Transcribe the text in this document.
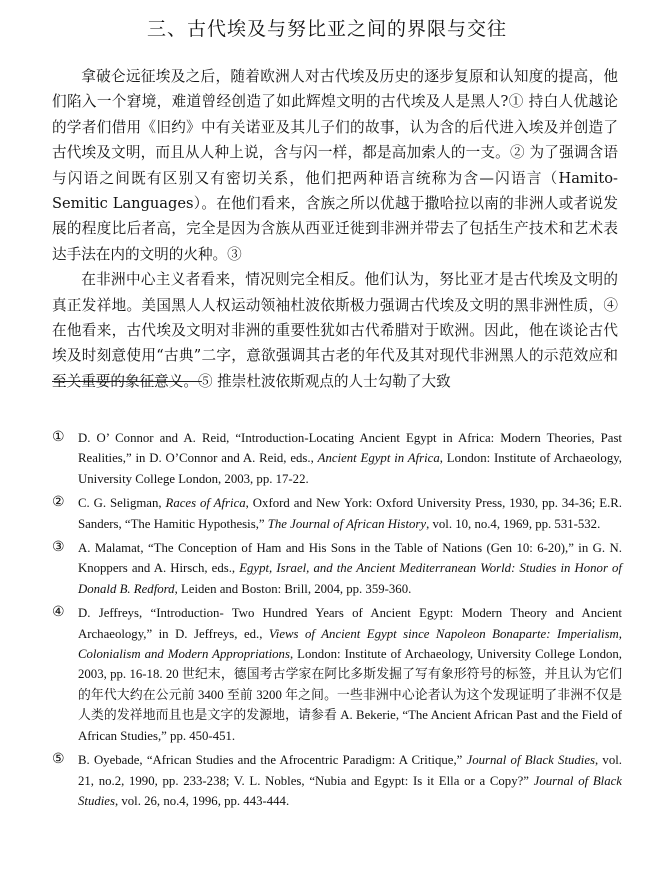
三、古代埃及与努比亚之间的界限与交往

拿破仑远征埃及之后，随着欧洲人对古代埃及历史的逐步复原和认知度的提高，他们陷入一个窘境，难道曾经创造了如此辉煌文明的古代埃及人是黑人?① 持白人优越论的学者们借用《旧约》中有关诺亚及其儿子们的故事，认为含的后代进入埃及并创造了古代埃及文明，而且从人种上说，含与闪一样，都是高加索人的一支。② 为了强调含语与闪语之间既有区别又有密切关系，他们把两种语言统称为含—闪语言（Hamito-Semitic Languages）。在他们看来，含族之所以优越于撒哈拉以南的非洲人或者说发展的程度比后者高，完全是因为含族从西亚迁徙到非洲并带去了包括生产技术和艺术表达手法在内的文明的火种。③

在非洲中心主义者看来，情况则完全相反。他们认为，努比亚才是古代埃及文明的真正发祥地。美国黑人人权运动领袖杜波依斯极力强调古代埃及文明的黑非洲性质，④ 在他看来，古代埃及文明对非洲的重要性犹如古代希腊对于欧洲。因此，他在谈论古代埃及时刻意使用“古典”二字，意欲强调其古老的年代及其对现代非洲黑人的示范效应和至关重要的象征意义。⑤ 推崇杜波依斯观点的人士勾勒了大致

①	D. O’ Connor and A. Reid, “Introduction-Locating Ancient Egypt in Africa: Modern Theories, Past Realities,” in D. O’Connor and A. Reid, eds., Ancient Egypt in Africa, London: Institute of Archaeology, University College London, 2003, pp. 17-22.
②	C. G. Seligman, Races of Africa, Oxford and New York: Oxford University Press, 1930, pp. 34-36; E.R. Sanders, “The Hamitic Hypothesis,” The Journal of African History, vol. 10, no.4, 1969, pp. 531-532.
③	A. Malamat, “The Conception of Ham and His Sons in the Table of Nations (Gen 10: 6-20),” in G. N. Knoppers and A. Hirsch, eds., Egypt, Israel, and the Ancient Mediterranean World: Studies in Honor of Donald B. Redford, Leiden and Boston: Brill, 2004, pp. 359-360.
④	D. Jeffreys, “Introduction- Two Hundred Years of Ancient Egypt: Modern Theory and Ancient Archaeology,” in D. Jeffreys, ed., Views of Ancient Egypt since Napoleon Bonaparte: Imperialism, Colonialism and Modern Appropriations, London: Institute of Archaeology, University College London, 2003, pp. 16-18. 20 世纪末，德国考古学家在阿比多斯发掘了写有象形符号的标签，并且认为它们的年代大约在公元前 3400 至前 3200 年之间。一些非洲中心论者认为这个发现证明了非洲不仅是人类的发祥地而且也是文字的发源地，请参看 A. Bekerie, “The Ancient African Past and the Field of African Studies,” pp. 450-451.
⑤	B. Oyebade, “African Studies and the Afrocentric Paradigm: A Critique,” Journal of Black Studies, vol. 21, no.2, 1990, pp. 233-238; V. L. Nobles, “Nubia and Egypt: Is it Ella or a Copy?” Journal of Black Studies, vol. 26, no.4, 1996, pp. 443-444.
